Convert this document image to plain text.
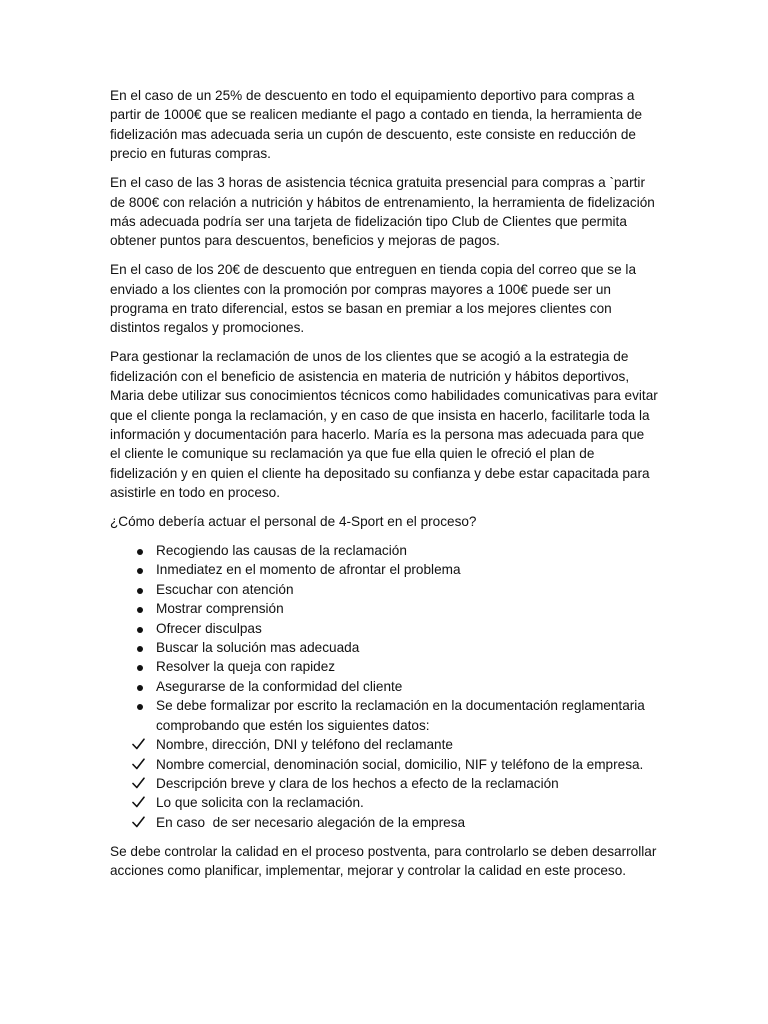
En el caso de un 25% de descuento en todo el equipamiento deportivo para compras a partir de 1000€ que se realicen mediante el pago a contado en tienda, la herramienta de fidelización mas adecuada seria un cupón de descuento, este consiste en reducción de precio en futuras compras.

En el caso de las 3 horas de asistencia técnica gratuita presencial para compras a `partir de 800€ con relación a nutrición y hábitos de entrenamiento, la herramienta de fidelización más adecuada podría ser una tarjeta de fidelización tipo Club de Clientes que permita obtener puntos para descuentos, beneficios y mejoras de pagos.

En el caso de los 20€ de descuento que entreguen en tienda copia del correo que se la enviado a los clientes con la promoción por compras mayores a 100€ puede ser un programa en trato diferencial, estos se basan en premiar a los mejores clientes con distintos regalos y promociones.

Para gestionar la reclamación de unos de los clientes que se acogió a la estrategia de fidelización con el beneficio de asistencia en materia de nutrición y hábitos deportivos, Maria debe utilizar sus conocimientos técnicos como habilidades comunicativas para evitar que el cliente ponga la reclamación, y en caso de que insista en hacerlo, facilitarle toda la información y documentación para hacerlo. María es la persona mas adecuada para que el cliente le comunique su reclamación ya que fue ella quien le ofreció el plan de fidelización y en quien el cliente ha depositado su confianza y debe estar capacitada para asistirle en todo en proceso.

¿Cómo debería actuar el personal de 4-Sport en el proceso?

Recogiendo las causas de la reclamación
Inmediatez en el momento de afrontar el problema
Escuchar con atención
Mostrar comprensión
Ofrecer disculpas
Buscar la solución mas adecuada
Resolver la queja con rapidez
Asegurarse de la conformidad del cliente
Se debe formalizar por escrito la reclamación en la documentación reglamentaria comprobando que estén los siguientes datos:
Nombre, dirección, DNI y teléfono del reclamante
Nombre comercial, denominación social, domicilio, NIF y teléfono de la empresa.
Descripción breve y clara de los hechos a efecto de la reclamación
Lo que solicita con la reclamación.
En caso  de ser necesario alegación de la empresa

Se debe controlar la calidad en el proceso postventa, para controlarlo se deben desarrollar acciones como planificar, implementar, mejorar y controlar la calidad en este proceso.
